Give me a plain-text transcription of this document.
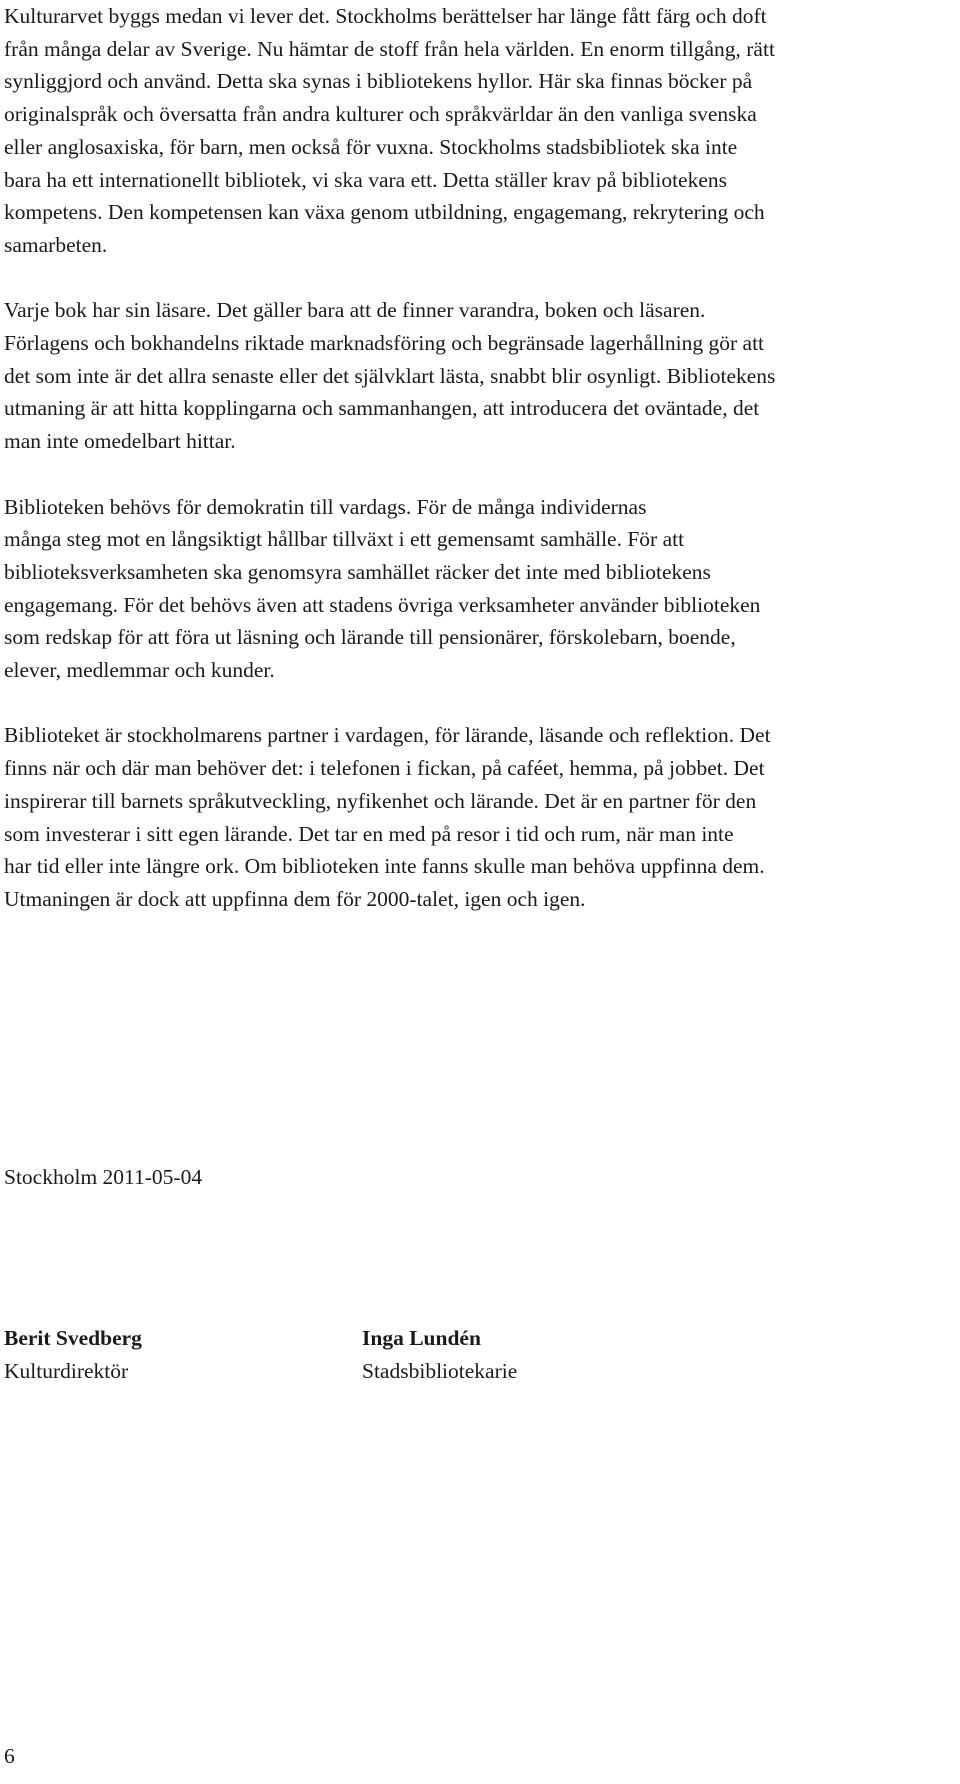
Kulturarvet byggs medan vi lever det. Stockholms berättelser har länge fått färg och doft
från många delar av Sverige. Nu hämtar de stoff från hela världen. En enorm tillgång, rätt
synliggjord och använd. Detta ska synas i bibliotekens hyllor. Här ska finnas böcker på
originalspråk och översatta från andra kulturer och språkvärldar än den vanliga svenska
eller anglosaxiska, för barn, men också för vuxna. Stockholms stadsbibliotek ska inte
bara ha ett internationellt bibliotek, vi ska vara ett. Detta ställer krav på bibliotekens
kompetens. Den kompetensen kan växa genom utbildning, engagemang, rekrytering och
samarbeten.

Varje bok har sin läsare. Det gäller bara att de finner varandra, boken och läsaren.
Förlagens och bokhandelns riktade marknadsföring och begränsade lagerhållning gör att
det som inte är det allra senaste eller det självklart lästa, snabbt blir osynligt. Bibliotekens
utmaning är att hitta kopplingarna och sammanhangen, att introducera det oväntade, det
man inte omedelbart hittar.

Biblioteken behövs för demokratin till vardags. För de många individernas
många steg mot en långsiktigt hållbar tillväxt i ett gemensamt samhälle. För att
biblioteksverksamheten ska genomsyra samhället räcker det inte med bibliotekens
engagemang. För det behövs även att stadens övriga verksamheter använder biblioteken
som redskap för att föra ut läsning och lärande till pensionärer, förskolebarn, boende,
elever, medlemmar och kunder.

Biblioteket är stockholmarens partner i vardagen, för lärande, läsande och reflektion. Det
finns när och där man behöver det: i telefonen i fickan, på caféet, hemma, på jobbet. Det
inspirerar till barnets språkutveckling, nyfikenhet och lärande. Det är en partner för den
som investerar i sitt egen lärande. Det tar en med på resor i tid och rum, när man inte
har tid eller inte längre ork. Om biblioteken inte fanns skulle man behöva uppfinna dem.
Utmaningen är dock att uppfinna dem för 2000-talet, igen och igen.

Stockholm 2011-05-04
Berit Svedberg
Kulturdirektör
Inga Lundén
Stadsbibliotekarie
6
